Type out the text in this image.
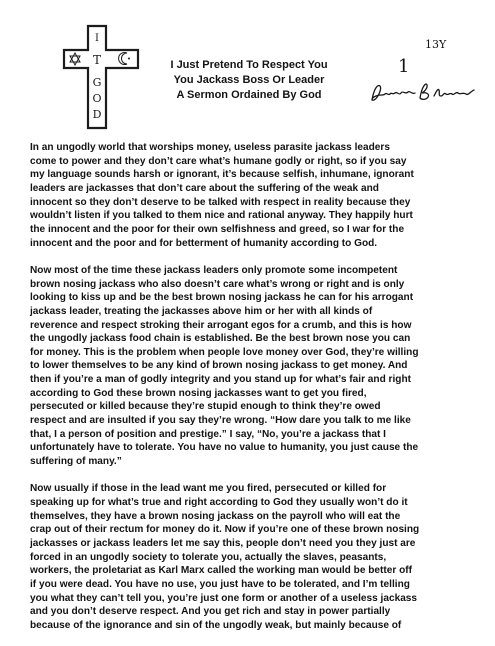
I
T
G
O
D
I Just Pretend To Respect You
You Jackass Boss Or Leader
A Sermon Ordained By God
13Y
1

In an ungodly world that worships money, useless parasite jackass leaders
come to power and they don’t care what’s humane godly or right, so if you say
my language sounds harsh or ignorant, it’s because selfish, inhumane, ignorant
leaders are jackasses that don’t care about the suffering of the weak and
innocent so they don’t deserve to be talked with respect in reality because they
wouldn’t listen if you talked to them nice and rational anyway. They happily hurt
the innocent and the poor for their own selfishness and greed, so I war for the
innocent and the poor and for betterment of humanity according to God.

Now most of the time these jackass leaders only promote some incompetent
brown nosing jackass who also doesn’t care what’s wrong or right and is only
looking to kiss up and be the best brown nosing jackass he can for his arrogant
jackass leader, treating the jackasses above him or her with all kinds of
reverence and respect stroking their arrogant egos for a crumb, and this is how
the ungodly jackass food chain is established. Be the best brown nose you can
for money. This is the problem when people love money over God, they’re willing
to lower themselves to be any kind of brown nosing jackass to get money. And
then if you’re a man of godly integrity and you stand up for what’s fair and right
according to God these brown nosing jackasses want to get you fired,
persecuted or killed because they’re stupid enough to think they’re owed
respect and are insulted if you say they’re wrong. “How dare you talk to me like
that, I a person of position and prestige.” I say, “No, you’re a jackass that I
unfortunately have to tolerate. You have no value to humanity, you just cause the
suffering of many.”

Now usually if those in the lead want me you fired, persecuted or killed for
speaking up for what’s true and right according to God they usually won’t do it
themselves, they have a brown nosing jackass on the payroll who will eat the
crap out of their rectum for money do it. Now if you’re one of these brown nosing
jackasses or jackass leaders let me say this, people don’t need you they just are
forced in an ungodly society to tolerate you, actually the slaves, peasants,
workers, the proletariat as Karl Marx called the working man would be better off
if you were dead. You have no use, you just have to be tolerated, and I’m telling
you what they can’t tell you, you’re just one form or another of a useless jackass
and you don’t deserve respect. And you get rich and stay in power partially
because of the ignorance and sin of the ungodly weak, but mainly because of
